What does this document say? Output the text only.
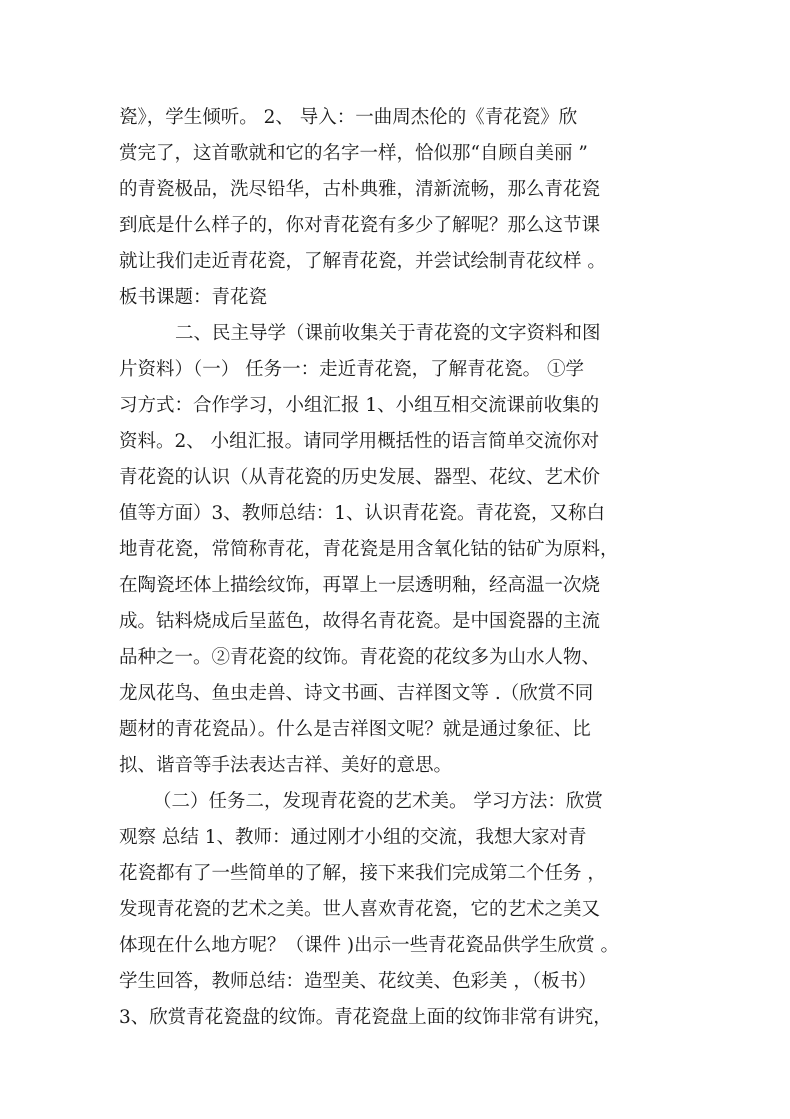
瓷》，学生倾听。 2、 导入：一曲周杰伦的《青花瓷》欣
赏完了，这首歌就和它的名字一样，恰似那“自顾自美丽 ”
的青瓷极品，洗尽铅华，古朴典雅，清新流畅，那么青花瓷
到底是什么样子的，你对青花瓷有多少了解呢？那么这节课
就让我们走近青花瓷，了解青花瓷，并尝试绘制青花纹样 。
板书课题：青花瓷
二、民主导学（课前收集关于青花瓷的文字资料和图
片资料）（一） 任务一：走近青花瓷，了解青花瓷。 ①学
习方式：合作学习，小组汇报 1、小组互相交流课前收集的
资料。2、 小组汇报。请同学用概括性的语言简单交流你对
青花瓷的认识（从青花瓷的历史发展、器型、花纹、艺术价
值等方面）3、教师总结：1、认识青花瓷。青花瓷，又称白
地青花瓷，常简称青花，青花瓷是用含氧化钴的钴矿为原料，
在陶瓷坯体上描绘纹饰，再罩上一层透明釉，经高温一次烧
成。钴料烧成后呈蓝色，故得名青花瓷。是中国瓷器的主流
品种之一。②青花瓷的纹饰。青花瓷的花纹多为山水人物、
龙凤花鸟、鱼虫走兽、诗文书画、吉祥图文等 .（欣赏不同
题材的青花瓷品）。什么是吉祥图文呢？就是通过象征、比
拟、谐音等手法表达吉祥、美好的意思。
（二）任务二，发现青花瓷的艺术美。 学习方法：欣赏
观察 总结 1、教师：通过刚才小组的交流，我想大家对青
花瓷都有了一些简单的了解，接下来我们完成第二个任务 ，
发现青花瓷的艺术之美。世人喜欢青花瓷，它的艺术之美又
体现在什么地方呢？（课件 )出示一些青花瓷品供学生欣赏 。
学生回答，教师总结：造型美、花纹美、色彩美 ，（板书）
3、欣赏青花瓷盘的纹饰。青花瓷盘上面的纹饰非常有讲究，
